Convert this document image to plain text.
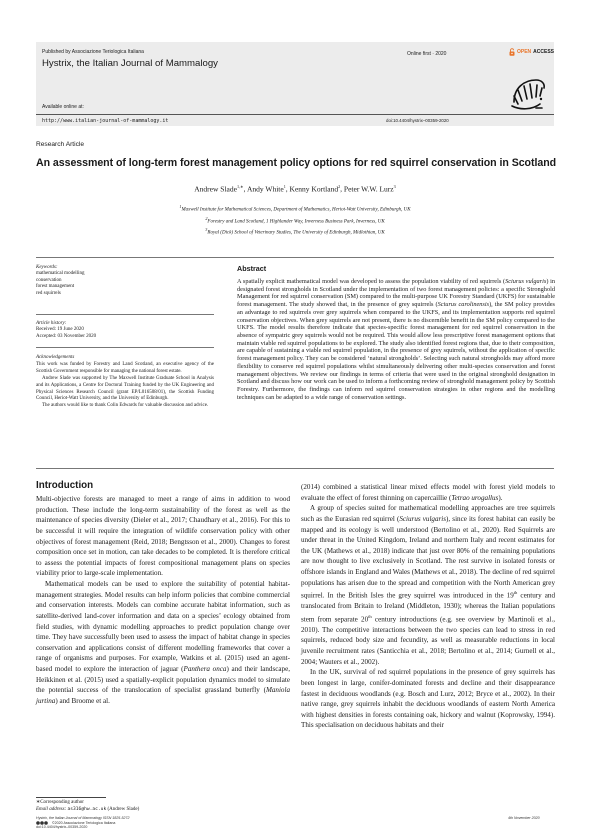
Published by Associazione Teriologica Italiana
Hystrix, the Italian Journal of Mammalogy
Online first · 2020	OPEN ACCESS
Available online at:
http://www.italian-journal-of-mammalogy.it	doi:10.4404/hystrix–00359-2020
Research Article
An assessment of long-term forest management policy options for red squirrel conservation in Scotland
Andrew Slade$^{1,∗}$, Andy White$^1$, Kenny Kortland$^2$, Peter W.W. Lurz$^3$
$^1$Maxwell Institute for Mathematical Sciences, Department of Mathematics, Heriot-Watt University, Edinburgh, UK
$^2$Forestry and Land Scotland, 1 Highlander Way, Inverness Business Park, Inverness, UK
$^3$Royal (Dick) School of Veterinary Studies, The University of Edinburgh, Midlothian, UK
Keywords:
mathematical modelling
conservation
forest management
red squirrels
Article history:
Received: 19 June 2020
Accepted: 03 November 2020
Acknowledgements
This work was funded by Forestry and Land Scotland, an executive agency of the Scottish Government responsible for managing the national forest estate.
Andrew Slade was supported by The Maxwell Institute Graduate School in Analysis and its Applications, a Centre for Doctoral Training funded by the UK Engineering and Physical Sciences Research Council (grant EP/L016508/01), the Scottish Funding Council, Heriot-Watt University, and the University of Edinburgh.
The authors would like to thank Colin Edwards for valuable discussion and advice.
Abstract
A spatially explicit mathematical model was developed to assess the population viability of red squirrels (Sciurus vulgaris) in designated forest strongholds in Scotland under the implementation of two forest management policies: a specific Stronghold Management for red squirrel conservation (SM) compared to the multi-purpose UK Forestry Standard (UKFS) for sustainable forest management. The study showed that, in the presence of grey squirrels (Sciurus carolinensis), the SM policy provides an advantage to red squirrels over grey squirrels when compared to the UKFS, and its implementation supports red squirrel conservation objectives. When grey squirrels are not present, there is no discernible benefit in the SM policy compared to the UKFS. The model results therefore indicate that species-specific forest management for red squirrel conservation in the absence of sympatric grey squirrels would not be required. This would allow less prescriptive forest management options that maintain viable red squirrel populations to be explored. The study also identified forest regions that, due to their composition, are capable of sustaining a viable red squirrel population, in the presence of grey squirrels, without the application of specific forest management policy. They can be considered ‘natural strongholds’. Selecting such natural strongholds may afford more flexibility to conserve red squirrel populations whilst simultaneously delivering other multi-species conservation and forest management objectives. We review our findings in terms of criteria that were used in the original stronghold designation in Scotland and discuss how our work can be used to inform a forthcoming review of stronghold management policy by Scottish Forestry. Furthermore, the findings can inform red squirrel conservation strategies in other regions and the modelling techniques can be adapted to a wide range of conservation settings.
Introduction

Multi-objective forests are managed to meet a range of aims in addition to wood production. These include the long-term sustainability of the forest as well as the maintenance of species diversity (Dieler et al., 2017; Chaudhary et al., 2016). For this to be successful it will require the integration of wildlife conservation policy with other objectives of forest management (Reid, 2018; Bengtsson et al., 2000). Changes to forest composition once set in motion, can take decades to be completed. It is therefore critical to assess the potential impacts of forest compositional management plans on species viability prior to large-scale implementation.

Mathematical models can be used to explore the suitability of potential habitat-management strategies. Model results can help inform policies that combine commercial and conservation interests. Models can combine accurate habitat information, such as satellite-derived land-cover information and data on a species’ ecology obtained from field studies, with dynamic modelling approaches to predict population change over time. They have successfully been used to assess the impact of habitat change in species conservation and applications consist of different modelling frameworks that cover a range of organisms and purposes. For example, Watkins et al. (2015) used an agent-based model to explore the interaction of jaguar (Panthera onca) and their landscape, Heikkinen et al. (2015) used a spatially-explicit population dynamics model to simulate the potential success of the translocation of specialist grassland butterfly (Maniola jurtina) and Broome et al.

(2014) combined a statistical linear mixed effects model with forest yield models to evaluate the effect of forest thinning on capercaillie (Tetrao urogallus).

A group of species suited for mathematical modelling approaches are tree squirrels such as the Eurasian red squirrel (Sciurus vulgaris), since its forest habitat can easily be mapped and its ecology is well understood (Bertolino et al., 2020). Red Squirrels are under threat in the United Kingdom, Ireland and northern Italy and recent estimates for the UK (Mathews et al., 2018) indicate that just over 80% of the remaining populations are now thought to live exclusively in Scotland. The rest survive in isolated forests or offshore islands in England and Wales (Mathews et al., 2018). The decline of red squirrel populations has arisen due to the spread and competition with the North American grey squirrel. In the British Isles the grey squirrel was introduced in the 19th century and translocated from Britain to Ireland (Middleton, 1930); whereas the Italian populations stem from separate 20th century introductions (e.g. see overview by Martinoli et al., 2010). The competitive interactions between the two species can lead to stress in red squirrels, reduced body size and fecundity, as well as measurable reductions in local juvenile recruitment rates (Santicchia et al., 2018; Bertolino et al., 2014; Gurnell et al., 2004; Wauters et al., 2002).

In the UK, survival of red squirrel populations in the presence of grey squirrels has been longest in large, conifer-dominated forests and decline and their disappearance fastest in deciduous woodlands (e.g. Bosch and Lurz, 2012; Bryce et al., 2002). In their native range, grey squirrels inhabit the deciduous woodlands of eastern North America with highest densities in forests containing oak, hickory and walnut (Koprowsky, 1994). This specialisation on deciduous habitats and their

∗Corresponding author
Email address: as316@hw.ac.uk (Andrew Slade)
Hystrix, the Italian Journal of Mammalogy ISSN 1825-5272
©2020 Associazione Teriologica Italiana
doi:10.4404/hystrix–00359-2020
4th November 2020
